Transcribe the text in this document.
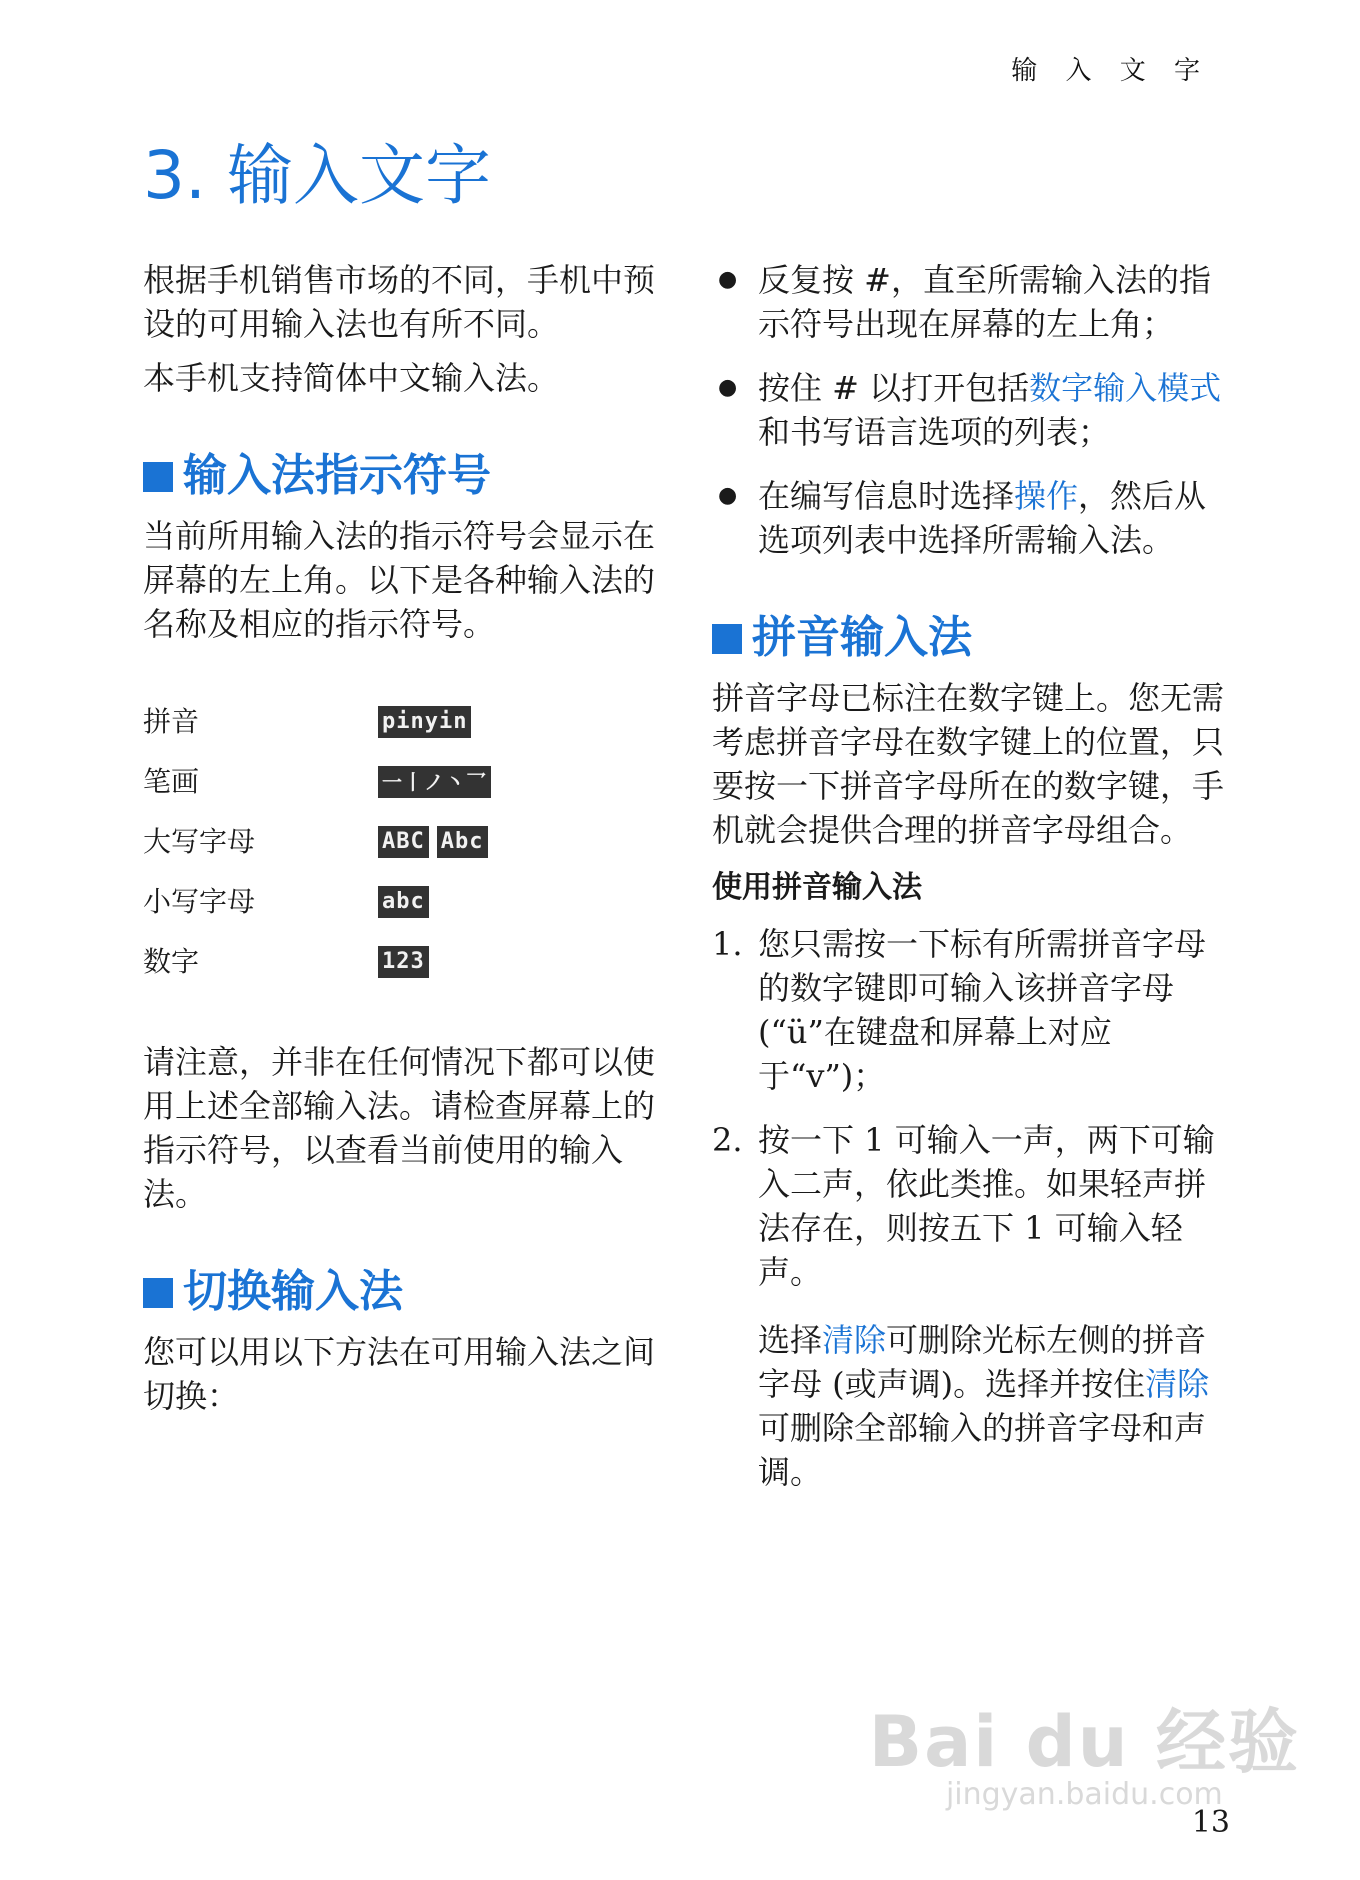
输 入 文 字
3. 输入文字

根据手机销售市场的不同，手机中预设的可用输入法也有所不同。

本手机支持简体中文输入法。

输入法指示符号

当前所用输入法的指示符号会显示在屏幕的左上角。以下是各种输入法的名称及相应的指示符号。

拼音	pinyin
笔画	一丨ノ丶乛
大写字母	ABC Abc
小写字母	abc
数字	123

请注意，并非在任何情况下都可以使用上述全部输入法。请检查屏幕上的指示符号，以查看当前使用的输入法。

切换输入法

您可以用以下方法在可用输入法之间切换：

● 反复按 #，直至所需输入法的指示符号出现在屏幕的左上角；
● 按住 # 以打开包括数字输入模式和书写语言选项的列表；
● 在编写信息时选择操作，然后从选项列表中选择所需输入法。
拼音输入法

拼音字母已标注在数字键上。您无需考虑拼音字母在数字键上的位置，只要按一下拼音字母所在的数字键，手机就会提供合理的拼音字母组合。

使用拼音输入法
1. 您只需按一下标有所需拼音字母的数字键即可输入该拼音字母 (“ü”在键盘和屏幕上对应于“v”)；
2. 按一下 1 可输入一声，两下可输入二声，依此类推。如果轻声拼法存在，则按五下 1 可输入轻声。

选择清除可删除光标左侧的拼音字母 (或声调)。选择并按住清除可删除全部输入的拼音字母和声调。

Bai du 经验
jingyan.baidu.com
13
